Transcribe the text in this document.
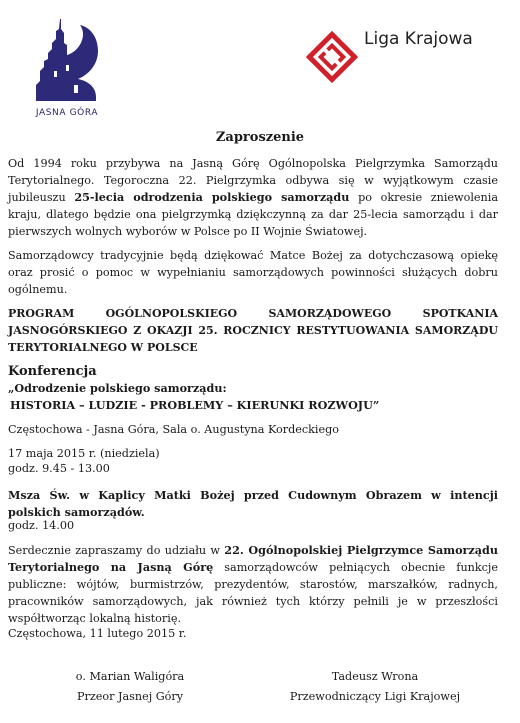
JASNA GÓRA
Liga Krajowa
Zaproszenie
Od 1994 roku przybywa na Jasną Górę Ogólnopolska Pielgrzymka Samorządu Terytorialnego. Tegoroczna 22. Pielgrzymka odbywa się w wyjątkowym czasie jubileuszu 25-lecia odrodzenia polskiego samorządu po okresie zniewolenia kraju, dlatego będzie ona pielgrzymką dziękczynną za dar 25-lecia samorządu i dar pierwszych wolnych wyborów w Polsce po II Wojnie Światowej.
Samorządowcy tradycyjnie będą dziękować Matce Bożej za dotychczasową opiekę oraz prosić o pomoc w wypełnianiu samorządowych powinności służących dobru ogólnemu.
PROGRAM OGÓLNOPOLSKIEGO SAMORZĄDOWEGO SPOTKANIA JASNOGÓRSKIEGO Z OKAZJI 25. ROCZNICY RESTYTUOWANIA SAMORZĄDU TERYTORIALNEGO W POLSCE
Konferencja
„Odrodzenie polskiego samorządu:
HISTORIA – LUDZIE - PROBLEMY – KIERUNKI ROZWOJU”
Częstochowa - Jasna Góra, Sala o. Augustyna Kordeckiego
17 maja 2015 r. (niedziela)
godz. 9.45 - 13.00
Msza Św. w Kaplicy Matki Bożej przed Cudownym Obrazem w intencji polskich samorządów.
godz. 14.00
Serdecznie zapraszamy do udziału w 22. Ogólnopolskiej Pielgrzymce Samorządu Terytorialnego na Jasną Górę samorządowców pełniących obecnie funkcje publiczne: wójtów, burmistrzów, prezydentów, starostów, marszałków, radnych, pracowników samorządowych, jak również tych którzy pełnili je w przeszłości współtworząc lokalną historię.
Częstochowa, 11 lutego 2015 r.
o. Marian Waligóra
Przeor Jasnej Góry
Tadeusz Wrona
Przewodniczący Ligi Krajowej
